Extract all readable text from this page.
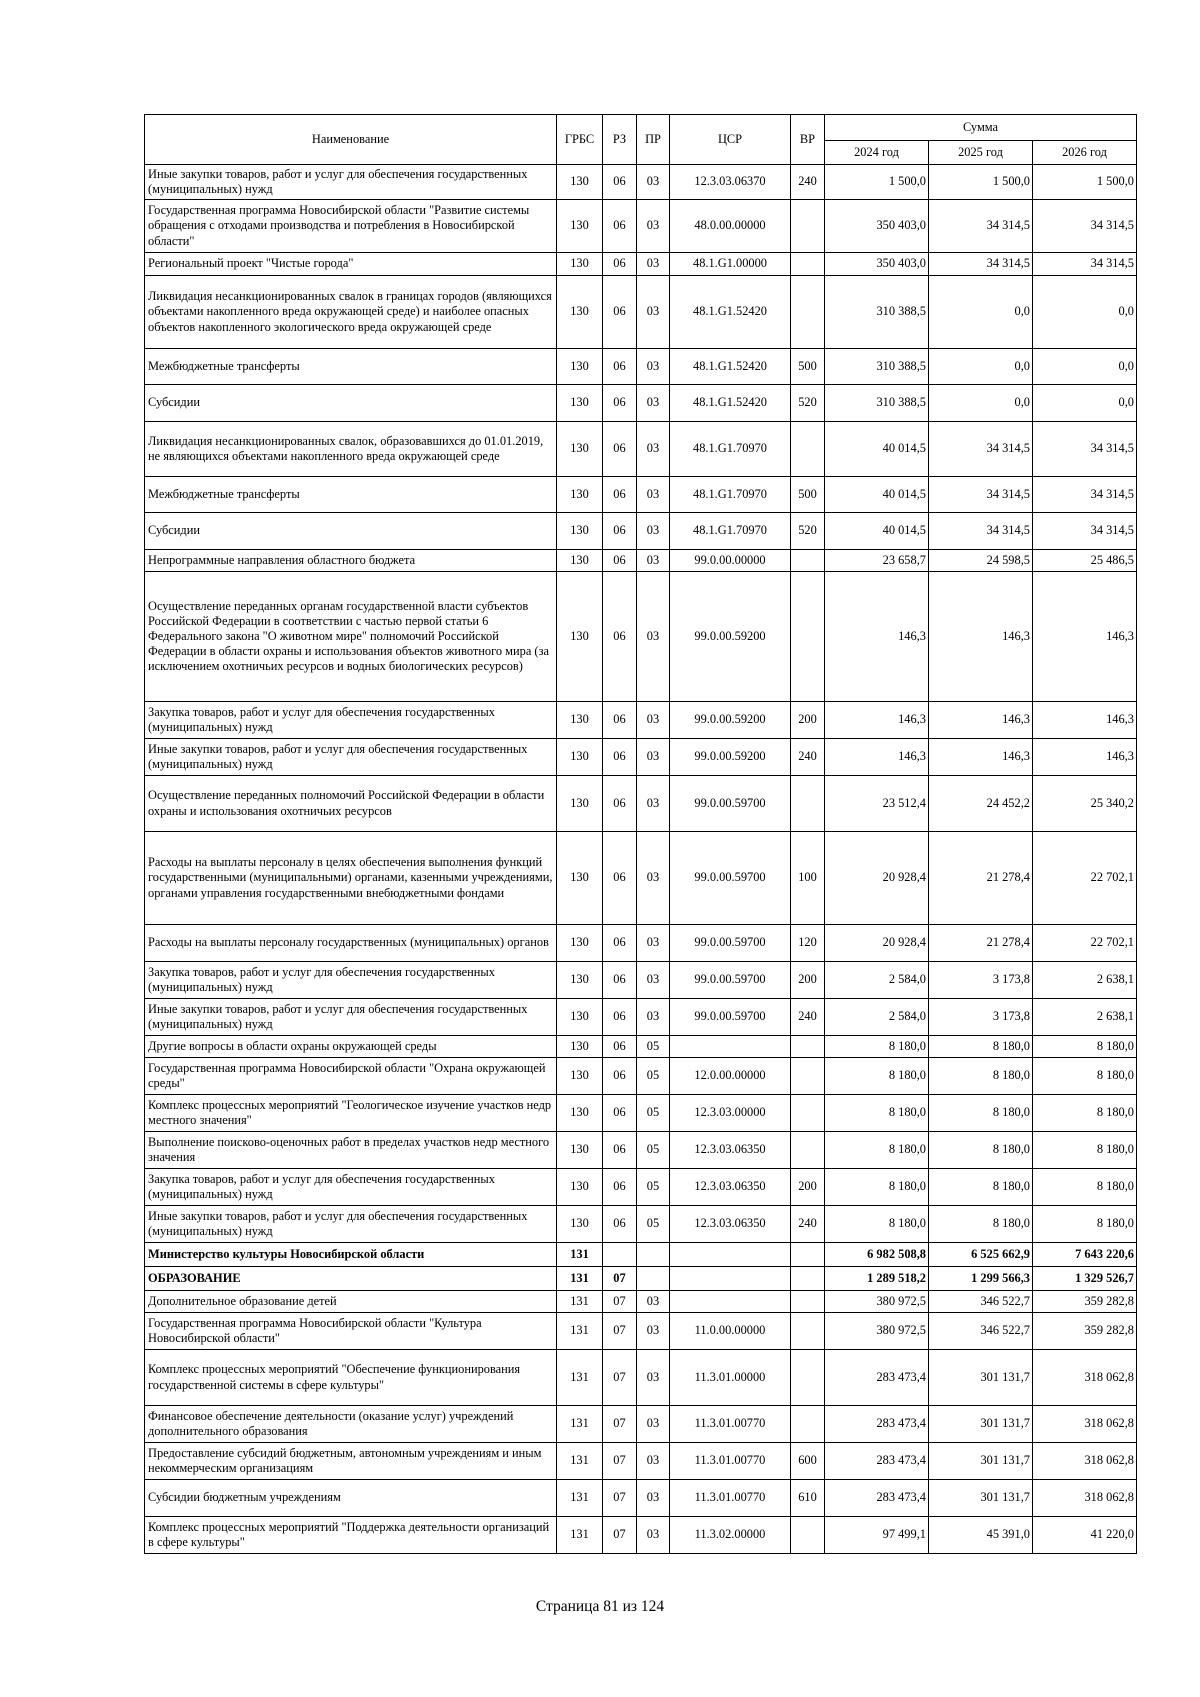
Наименование	ГРБС	РЗ	ПР	ЦСР	ВР	Сумма		
						2024 год	2025 год	2026 год
Иные закупки товаров, работ и услуг для обеспечения государственных (муниципальных) нужд	130	06	03	12.3.03.06370	240	1 500,0	1 500,0	1 500,0
Государственная программа Новосибирской области "Развитие системы обращения с отходами производства и потребления в Новосибирской области"	130	06	03	48.0.00.00000		350 403,0	34 314,5	34 314,5
Региональный проект "Чистые города"	130	06	03	48.1.G1.00000		350 403,0	34 314,5	34 314,5
Ликвидация несанкционированных свалок в границах городов (являющихся объектами накопленного вреда окружающей среде) и наиболее опасных объектов накопленного экологического вреда окружающей среде	130	06	03	48.1.G1.52420		310 388,5	0,0	0,0
Межбюджетные трансферты	130	06	03	48.1.G1.52420	500	310 388,5	0,0	0,0
Субсидии	130	06	03	48.1.G1.52420	520	310 388,5	0,0	0,0
Ликвидация несанкционированных свалок, образовавшихся до 01.01.2019, не являющихся объектами накопленного вреда окружающей среде	130	06	03	48.1.G1.70970		40 014,5	34 314,5	34 314,5
Межбюджетные трансферты	130	06	03	48.1.G1.70970	500	40 014,5	34 314,5	34 314,5
Субсидии	130	06	03	48.1.G1.70970	520	40 014,5	34 314,5	34 314,5
Непрограммные направления областного бюджета	130	06	03	99.0.00.00000		23 658,7	24 598,5	25 486,5
Осуществление переданных органам государственной власти субъектов Российской Федерации в соответствии с частью первой статьи 6 Федерального закона "О животном мире" полномочий Российской Федерации в области охраны и использования объектов животного мира (за исключением охотничьих ресурсов и водных биологических ресурсов)	130	06	03	99.0.00.59200		146,3	146,3	146,3
Закупка товаров, работ и услуг для обеспечения государственных (муниципальных) нужд	130	06	03	99.0.00.59200	200	146,3	146,3	146,3
Иные закупки товаров, работ и услуг для обеспечения государственных (муниципальных) нужд	130	06	03	99.0.00.59200	240	146,3	146,3	146,3
Осуществление переданных полномочий Российской Федерации в области охраны и использования охотничьих ресурсов	130	06	03	99.0.00.59700		23 512,4	24 452,2	25 340,2
Расходы на выплаты персоналу в целях обеспечения выполнения функций государственными (муниципальными) органами, казенными учреждениями, органами управления государственными внебюджетными фондами	130	06	03	99.0.00.59700	100	20 928,4	21 278,4	22 702,1
Расходы на выплаты персоналу государственных (муниципальных) органов	130	06	03	99.0.00.59700	120	20 928,4	21 278,4	22 702,1
Закупка товаров, работ и услуг для обеспечения государственных (муниципальных) нужд	130	06	03	99.0.00.59700	200	2 584,0	3 173,8	2 638,1
Иные закупки товаров, работ и услуг для обеспечения государственных (муниципальных) нужд	130	06	03	99.0.00.59700	240	2 584,0	3 173,8	2 638,1
Другие вопросы в области охраны окружающей среды	130	06	05			8 180,0	8 180,0	8 180,0
Государственная программа Новосибирской области "Охрана окружающей среды"	130	06	05	12.0.00.00000		8 180,0	8 180,0	8 180,0
Комплекс процессных мероприятий "Геологическое изучение участков недр местного значения"	130	06	05	12.3.03.00000		8 180,0	8 180,0	8 180,0
Выполнение поисково-оценочных работ в пределах участков недр местного значения	130	06	05	12.3.03.06350		8 180,0	8 180,0	8 180,0
Закупка товаров, работ и услуг для обеспечения государственных (муниципальных) нужд	130	06	05	12.3.03.06350	200	8 180,0	8 180,0	8 180,0
Иные закупки товаров, работ и услуг для обеспечения государственных (муниципальных) нужд	130	06	05	12.3.03.06350	240	8 180,0	8 180,0	8 180,0
Министерство культуры Новосибирской области	131					6 982 508,8	6 525 662,9	7 643 220,6
ОБРАЗОВАНИЕ	131	07				1 289 518,2	1 299 566,3	1 329 526,7
Дополнительное образование детей	131	07	03			380 972,5	346 522,7	359 282,8
Государственная программа Новосибирской области "Культура Новосибирской области"	131	07	03	11.0.00.00000		380 972,5	346 522,7	359 282,8
Комплекс процессных мероприятий "Обеспечение функционирования государственной системы в сфере культуры"	131	07	03	11.3.01.00000		283 473,4	301 131,7	318 062,8
Финансовое обеспечение деятельности (оказание услуг) учреждений дополнительного образования	131	07	03	11.3.01.00770		283 473,4	301 131,7	318 062,8
Предоставление субсидий бюджетным, автономным учреждениям и иным некоммерческим организациям	131	07	03	11.3.01.00770	600	283 473,4	301 131,7	318 062,8
Субсидии бюджетным учреждениям	131	07	03	11.3.01.00770	610	283 473,4	301 131,7	318 062,8
Комплекс процессных мероприятий "Поддержка деятельности организаций в сфере культуры"	131	07	03	11.3.02.00000		97 499,1	45 391,0	41 220,0
Страница 81 из 124
